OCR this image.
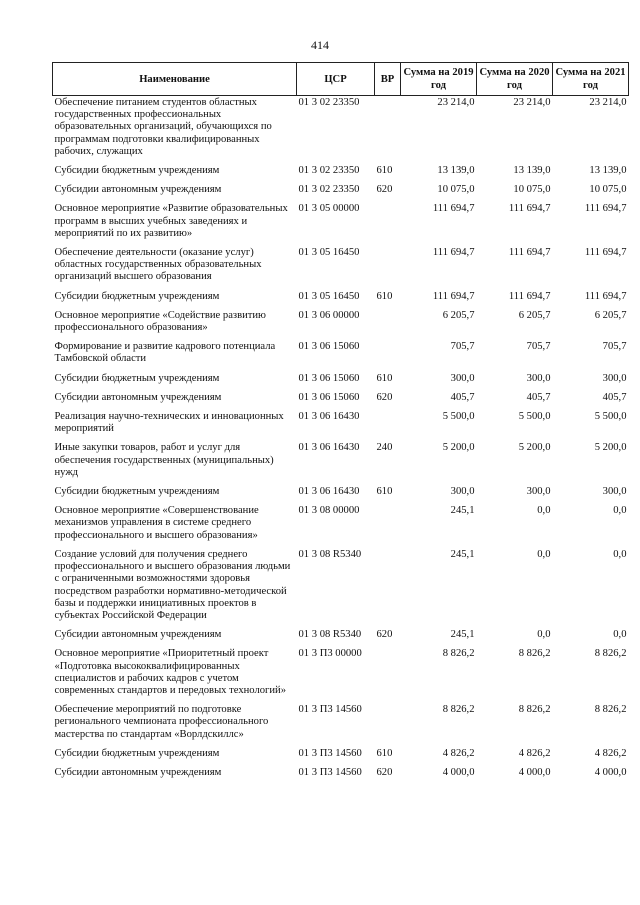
414
Наименование	ЦСР	ВР	Сумма на 2019 год	Сумма на 2020 год	Сумма на 2021 год
Обеспечение питанием студентов областных государственных профессиональных образовательных организаций, обучающихся по программам подготовки квалифицированных рабочих, служащих	01 3 02 23350		23 214,0	23 214,0	23 214,0
Субсидии бюджетным учреждениям	01 3 02 23350	610	13 139,0	13 139,0	13 139,0
Субсидии автономным учреждениям	01 3 02 23350	620	10 075,0	10 075,0	10 075,0
Основное мероприятие «Развитие образовательных программ в высших учебных заведениях и мероприятий по их развитию»	01 3 05 00000		111 694,7	111 694,7	111 694,7
Обеспечение деятельности (оказание услуг) областных государственных образовательных организаций высшего образования	01 3 05 16450		111 694,7	111 694,7	111 694,7
Субсидии бюджетным учреждениям	01 3 05 16450	610	111 694,7	111 694,7	111 694,7
Основное мероприятие «Содействие развитию профессионального образования»	01 3 06 00000		6 205,7	6 205,7	6 205,7
Формирование и развитие кадрового потенциала Тамбовской области	01 3 06 15060		705,7	705,7	705,7
Субсидии бюджетным учреждениям	01 3 06 15060	610	300,0	300,0	300,0
Субсидии автономным учреждениям	01 3 06 15060	620	405,7	405,7	405,7
Реализация научно-технических и инновационных мероприятий	01 3 06 16430		5 500,0	5 500,0	5 500,0
Иные закупки товаров, работ и услуг для обеспечения государственных (муниципальных) нужд	01 3 06 16430	240	5 200,0	5 200,0	5 200,0
Субсидии бюджетным учреждениям	01 3 06 16430	610	300,0	300,0	300,0
Основное мероприятие «Совершенствование механизмов управления в системе среднего профессионального и высшего образования»	01 3 08 00000		245,1	0,0	0,0
Создание условий для получения среднего профессионального и высшего образования людьми с ограниченными возможностями здоровья посредством разработки нормативно-методической базы и поддержки инициативных проектов в субъектах Российской Федерации	01 3 08 R5340		245,1	0,0	0,0
Субсидии автономным учреждениям	01 3 08 R5340	620	245,1	0,0	0,0
Основное мероприятие «Приоритетный проект «Подготовка высококвалифицированных специалистов и рабочих кадров с учетом современных стандартов и передовых технологий»	01 3 П3 00000		8 826,2	8 826,2	8 826,2
Обеспечение мероприятий по подготовке регионального чемпионата профессионального мастерства по стандартам «Ворлдскиллс»	01 3 П3 14560		8 826,2	8 826,2	8 826,2
Субсидии бюджетным учреждениям	01 3 П3 14560	610	4 826,2	4 826,2	4 826,2
Субсидии автономным учреждениям	01 3 П3 14560	620	4 000,0	4 000,0	4 000,0
